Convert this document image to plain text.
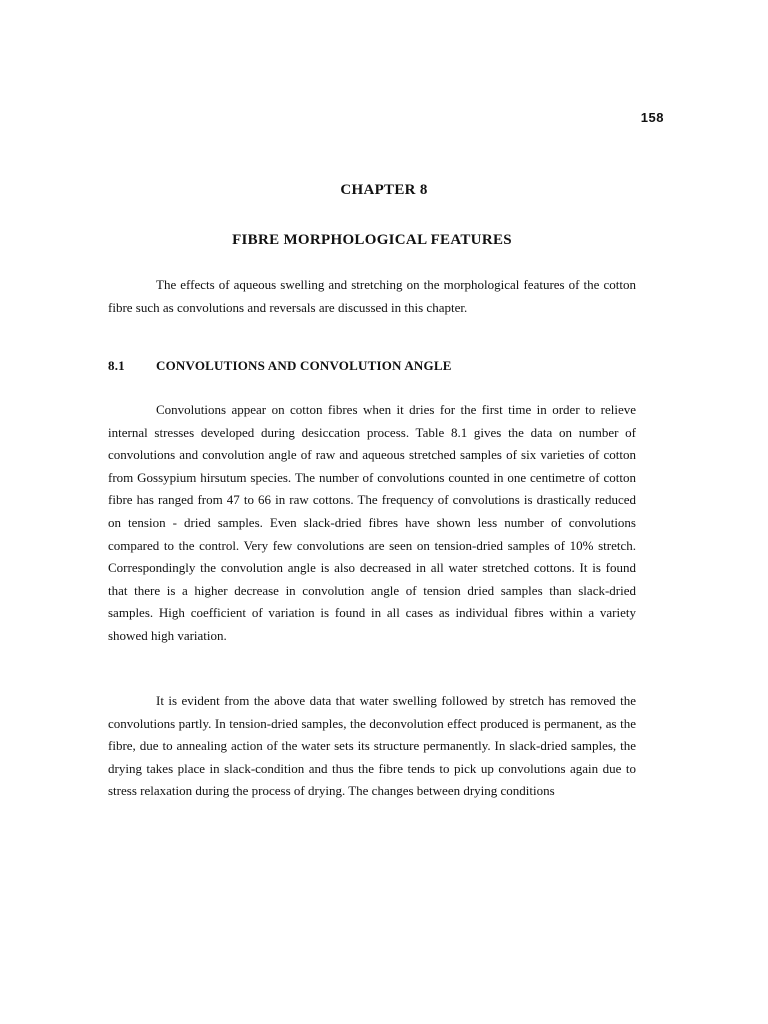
158
CHAPTER 8
FIBRE MORPHOLOGICAL FEATURES

The effects of aqueous swelling and stretching on the morphological features of the cotton fibre such as convolutions and reversals are discussed in this chapter.

8.1 CONVOLUTIONS AND CONVOLUTION ANGLE

Convolutions appear on cotton fibres when it dries for the first time in order to relieve internal stresses developed during desiccation process. Table 8.1 gives the data on number of convolutions and convolution angle of raw and aqueous stretched samples of six varieties of cotton from Gossypium hirsutum species. The number of convolutions counted in one centimetre of cotton fibre has ranged from 47 to 66 in raw cottons. The frequency of convolutions is drastically reduced on tension - dried samples. Even slack-dried fibres have shown less number of convolutions compared to the control. Very few convolutions are seen on tension-dried samples of 10% stretch. Correspondingly the convolution angle is also decreased in all water stretched cottons. It is found that there is a higher decrease in convolution angle of tension dried samples than slack-dried samples. High coefficient of variation is found in all cases as individual fibres within a variety showed high variation.

It is evident from the above data that water swelling followed by stretch has removed the convolutions partly. In tension-dried samples, the deconvolution effect produced is permanent, as the fibre, due to annealing action of the water sets its structure permanently. In slack-dried samples, the drying takes place in slack-condition and thus the fibre tends to pick up convolutions again due to stress relaxation during the process of drying. The changes between drying conditions
